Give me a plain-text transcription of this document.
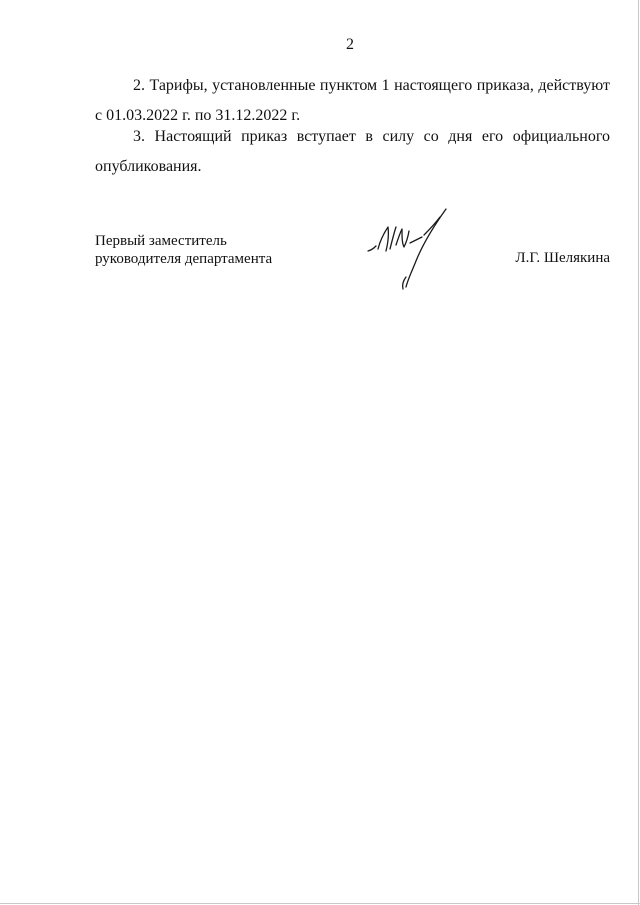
2
2. Тарифы, установленные пунктом 1 настоящего приказа, действуют
с 01.03.2022 г. по 31.12.2022 г.
3. Настоящий приказ вступает в силу со дня его официального
опубликования.
Первый заместитель
руководителя департамента	Л.Г. Шелякина
